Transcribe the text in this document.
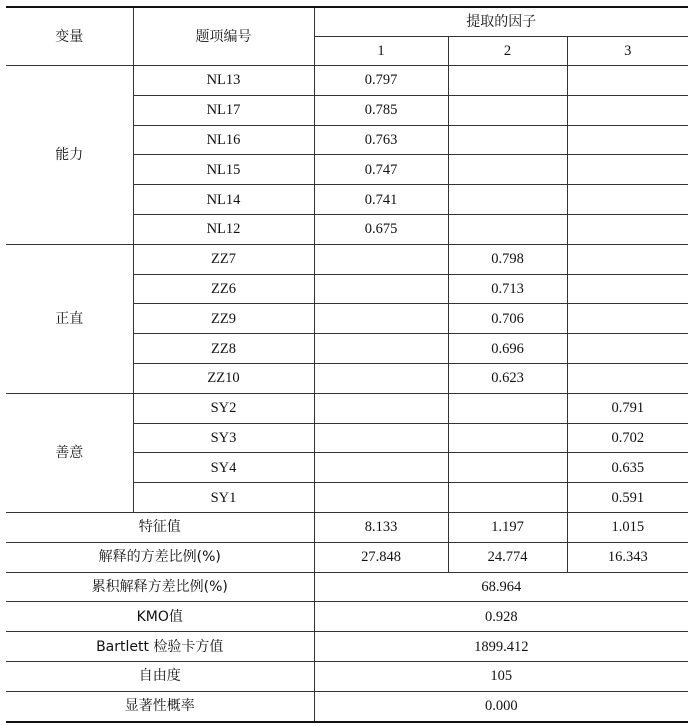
变量	题项编号	提取的因子		
		1	2	3
能力	NL13	0.797		
	NL17	0.785		
	NL16	0.763		
	NL15	0.747		
	NL14	0.741		
	NL12	0.675		
正直	ZZ7		0.798	
	ZZ6		0.713	
	ZZ9		0.706	
	ZZ8		0.696	
	ZZ10		0.623	
善意	SY2			0.791
	SY3			0.702
	SY4			0.635
	SY1			0.591
特征值		8.133	1.197	1.015
解释的方差比例(%)		27.848	24.774	16.343
累积解释方差比例(%)		68.964		
KMO值		0.928		
Bartlett 检验卡方值		1899.412		
自由度		105		
显著性概率		0.000		
